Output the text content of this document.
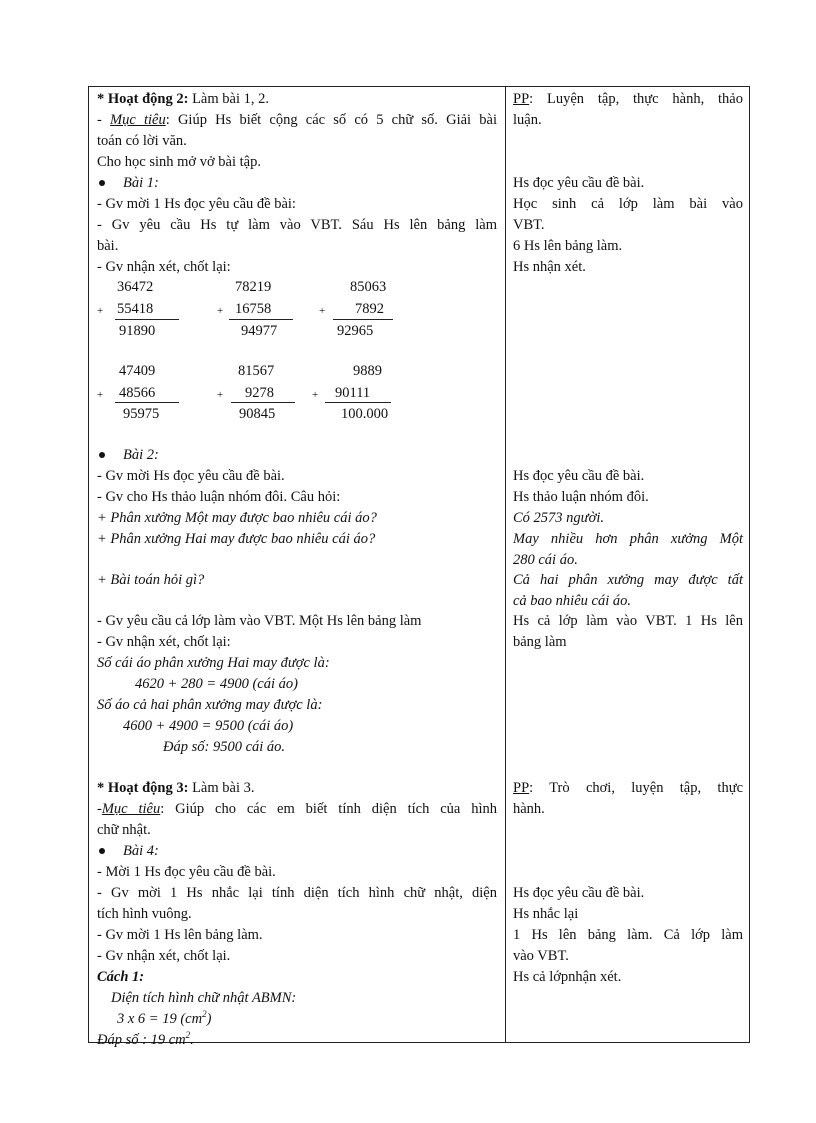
* Hoạt động 2: Làm bài 1, 2.
- Mục tiêu: Giúp Hs biết cộng các số có 5 chữ số. Giải bài
toán có lời văn.
Cho học sinh mở vở bài tập.
Bài 1:
- Gv mời 1 Hs đọc yêu cầu đề bài:
- Gv yêu cầu Hs tự làm vào VBT. Sáu Hs lên bảng làm
bài.
- Gv nhận xét, chốt lại:
36472
+ 55418
91890
78219
+ 16758
94977
85063
+ 7892
92965
47409
+ 48566
95975
81567
+ 9278
90845
9889
+ 90111
100.000
Bài 2:
- Gv mời Hs đọc yêu cầu đề bài.
- Gv cho Hs thảo luận nhóm đôi. Câu hỏi:
+ Phân xưởng Một may được bao nhiêu cái áo?
+ Phân xưởng Hai may được bao nhiêu cái áo?
+ Bài toán hỏi gì?
- Gv yêu cầu cả lớp làm vào VBT. Một Hs lên bảng làm
- Gv nhận xét, chốt lại:
Số cái áo phân xưởng Hai may được là:
4620 + 280 = 4900 (cái áo)
Số áo cả hai phân xưởng may được là:
4600 + 4900 = 9500 (cái áo)
Đáp số: 9500 cái áo.
* Hoạt động 3: Làm bài 3.
-Mục tiêu: Giúp cho các em biết tính diện tích của hình
chữ nhật.
Bài 4:
- Mời 1 Hs đọc yêu cầu đề bài.
- Gv mời 1 Hs nhắc lại tính diện tích hình chữ nhật, diện
tích hình vuông.
- Gv mời 1 Hs lên bảng làm.
- Gv nhận xét, chốt lại.
Cách 1:
Diện tích hình chữ nhật ABMN:
3 x 6 = 19 $(cm^2)$
Đáp số : 19 $cm^2$.
PP: Luyện tập, thực hành, thảo
luận.
Hs đọc yêu cầu đề bài.
Học sinh cả lớp làm bài vào
VBT.
6 Hs lên bảng làm.
Hs nhận xét.
Hs đọc yêu cầu đề bài.
Hs thảo luận nhóm đôi.
Có 2573 người.
May nhiều hơn phân xưởng Một
280 cái áo.
Cả hai phân xưởng may được tất
cả bao nhiêu cái áo.
Hs cả lớp làm vào VBT. 1 Hs lên
bảng làm
PP: Trò chơi, luyện tập, thực
hành.
Hs đọc yêu cầu đề bài.
Hs nhắc lại
1 Hs lên bảng làm. Cả lớp làm
vào VBT.
Hs cả lớpnhận xét.
